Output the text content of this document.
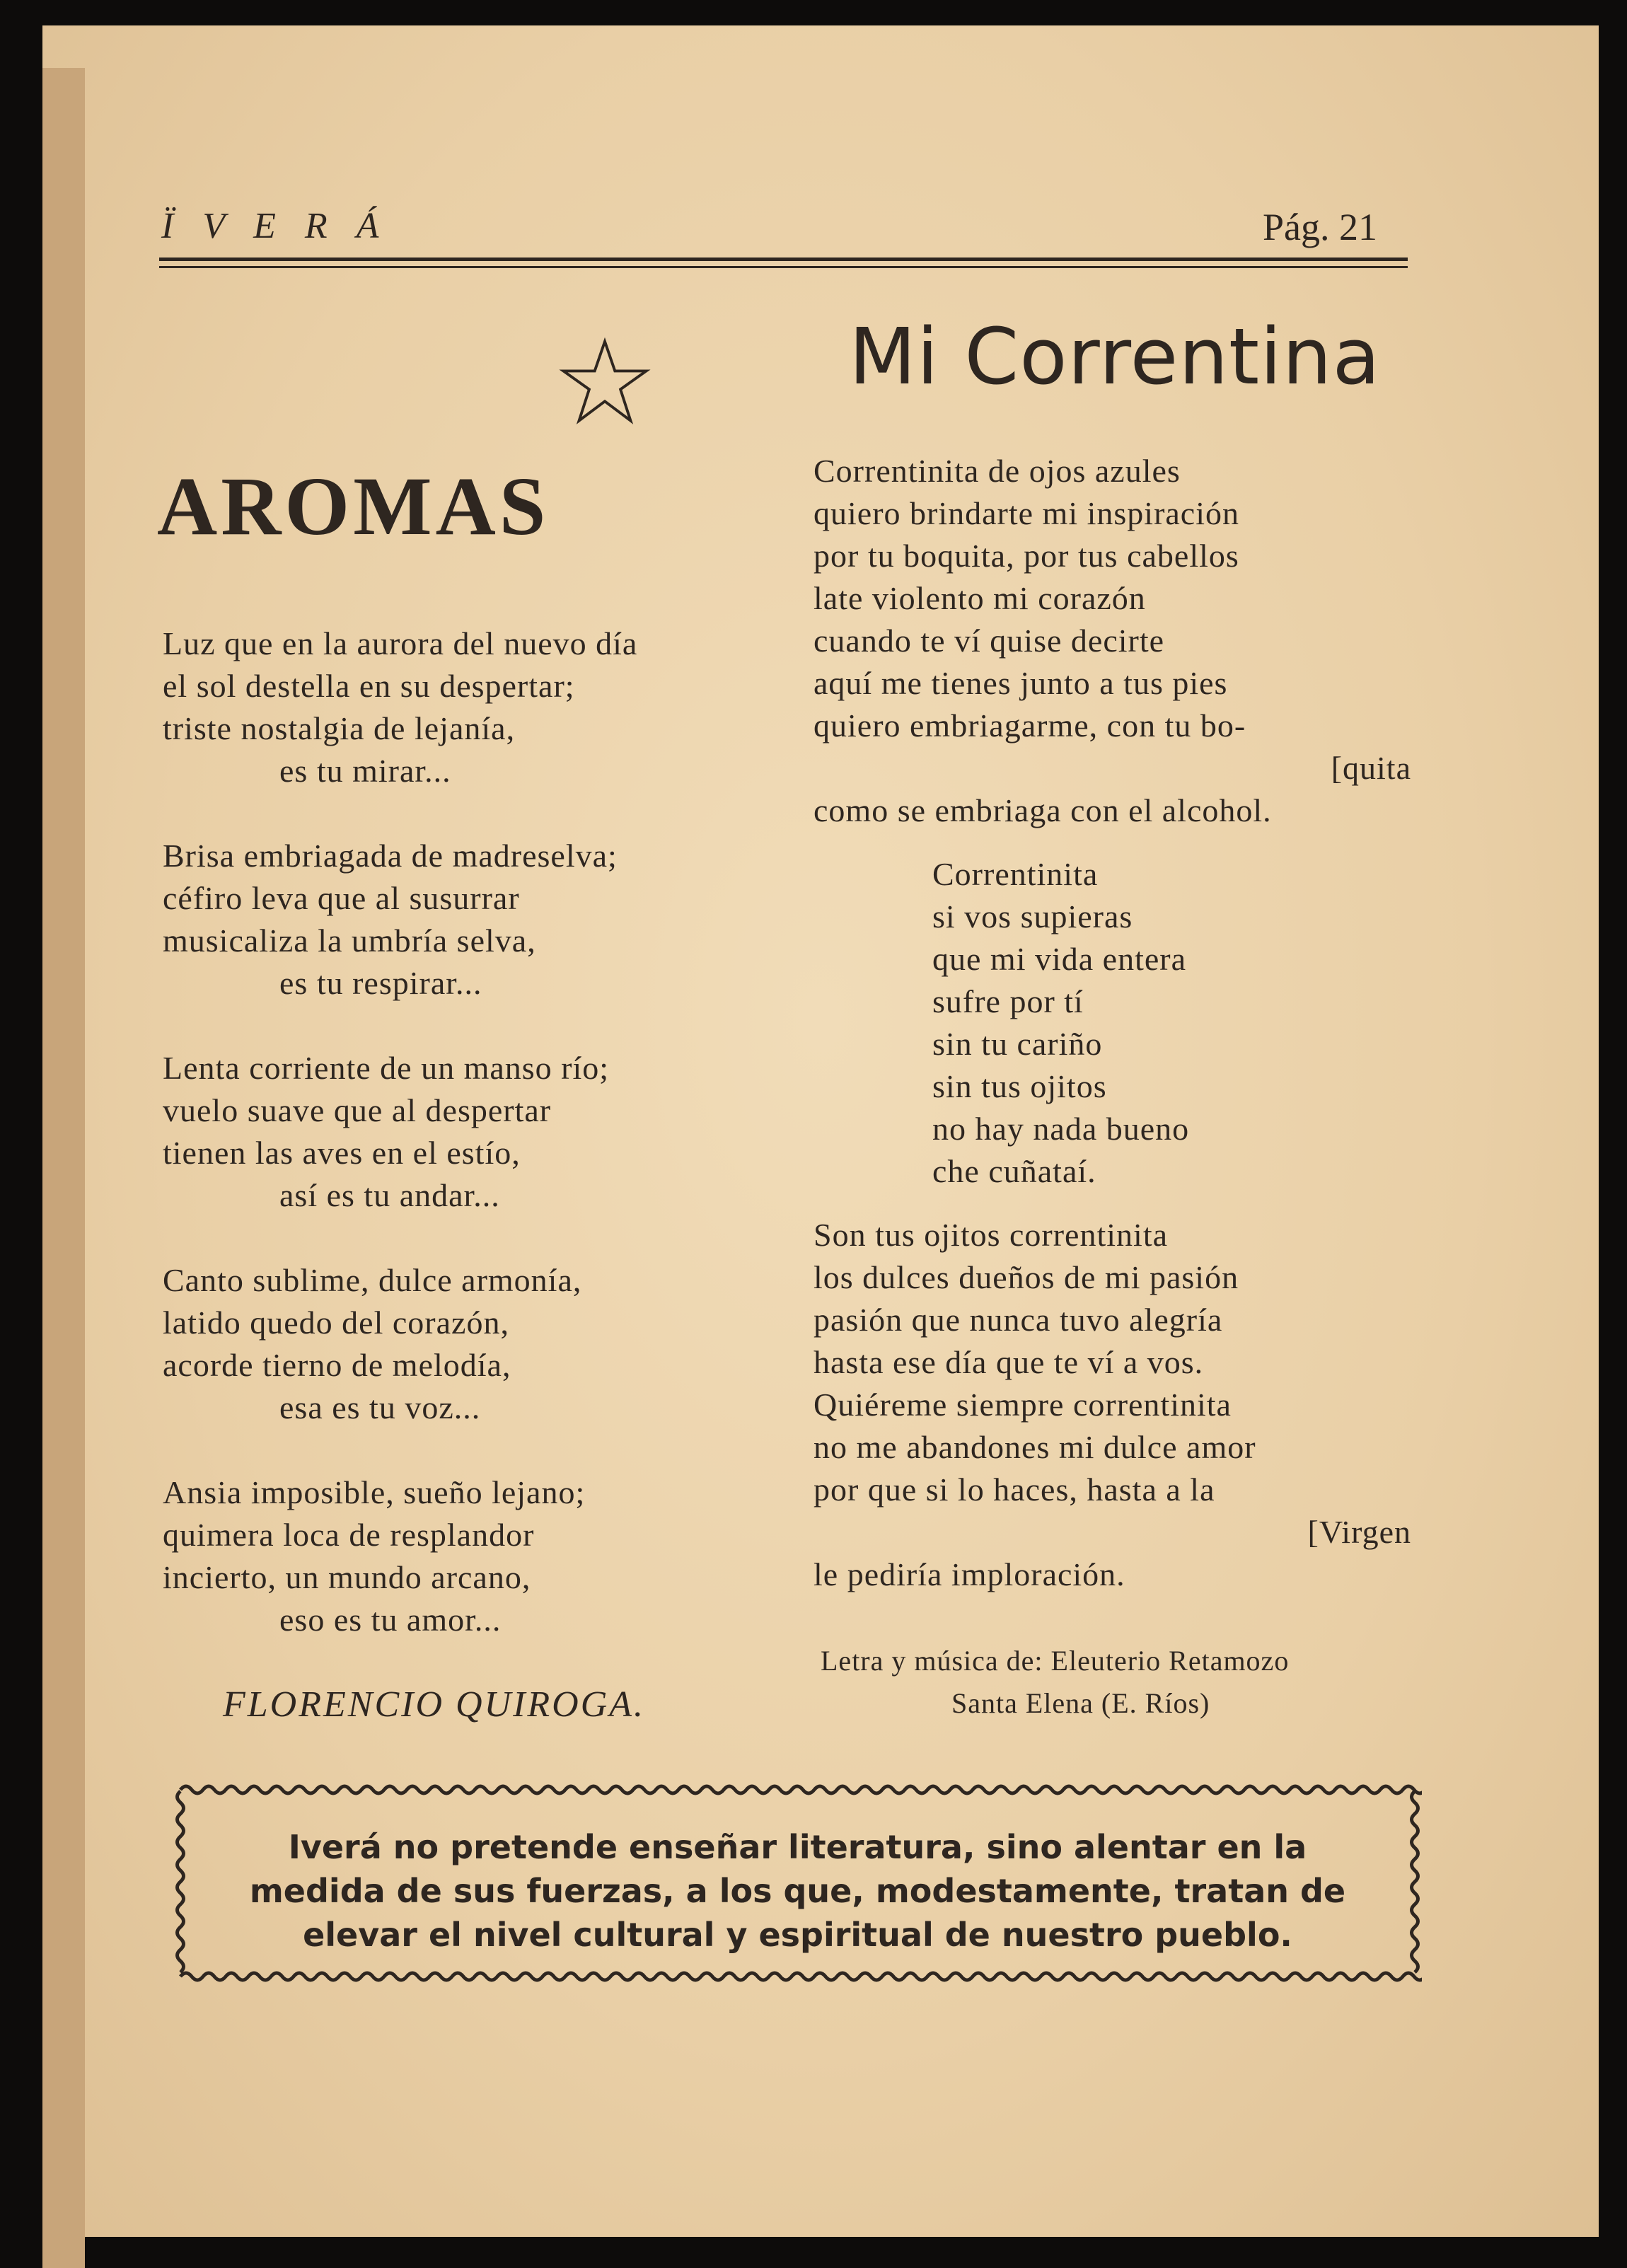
Ï V E R Á	Pág. 21
AROMAS
Luz que en la aurora del nuevo día
el sol destella en su despertar;
triste nostalgia de lejanía,
es tu mirar...
Brisa embriagada de madreselva;
céfiro leva que al susurrar
musicaliza la umbría selva,
es tu respirar...
Lenta corriente de un manso río;
vuelo suave que al despertar
tienen las aves en el estío,
así es tu andar...
Canto sublime, dulce armonía,
latido quedo del corazón,
acorde tierno de melodía,
esa es tu voz...
Ansia imposible, sueño lejano;
quimera loca de resplandor
incierto, un mundo arcano,
eso es tu amor...
FLORENCIO QUIROGA.
Mi Correntina
Correntinita de ojos azules
quiero brindarte mi inspiración
por tu boquita, por tus cabellos
late violento mi corazón
cuando te ví quise decirte
aquí me tienes junto a tus pies
quiero embriagarme, con tu bo-
[quita
como se embriaga con el alcohol.
Correntinita
si vos supieras
que mi vida entera
sufre por tí
sin tu cariño
sin tus ojitos
no hay nada bueno
che cuñataí.
Son tus ojitos correntinita
los dulces dueños de mi pasión
pasión que nunca tuvo alegría
hasta ese día que te ví a vos.
Quiéreme siempre correntinita
no me abandones mi dulce amor
por que si lo haces, hasta a la
[Virgen
le pediría imploración.
Letra y música de: Eleuterio Retamozo
Santa Elena (E. Ríos)
Iverá no pretende enseñar literatura, sino alentar en la
medida de sus fuerzas, a los que, modestamente, tratan de
elevar el nivel cultural y espiritual de nuestro pueblo.
